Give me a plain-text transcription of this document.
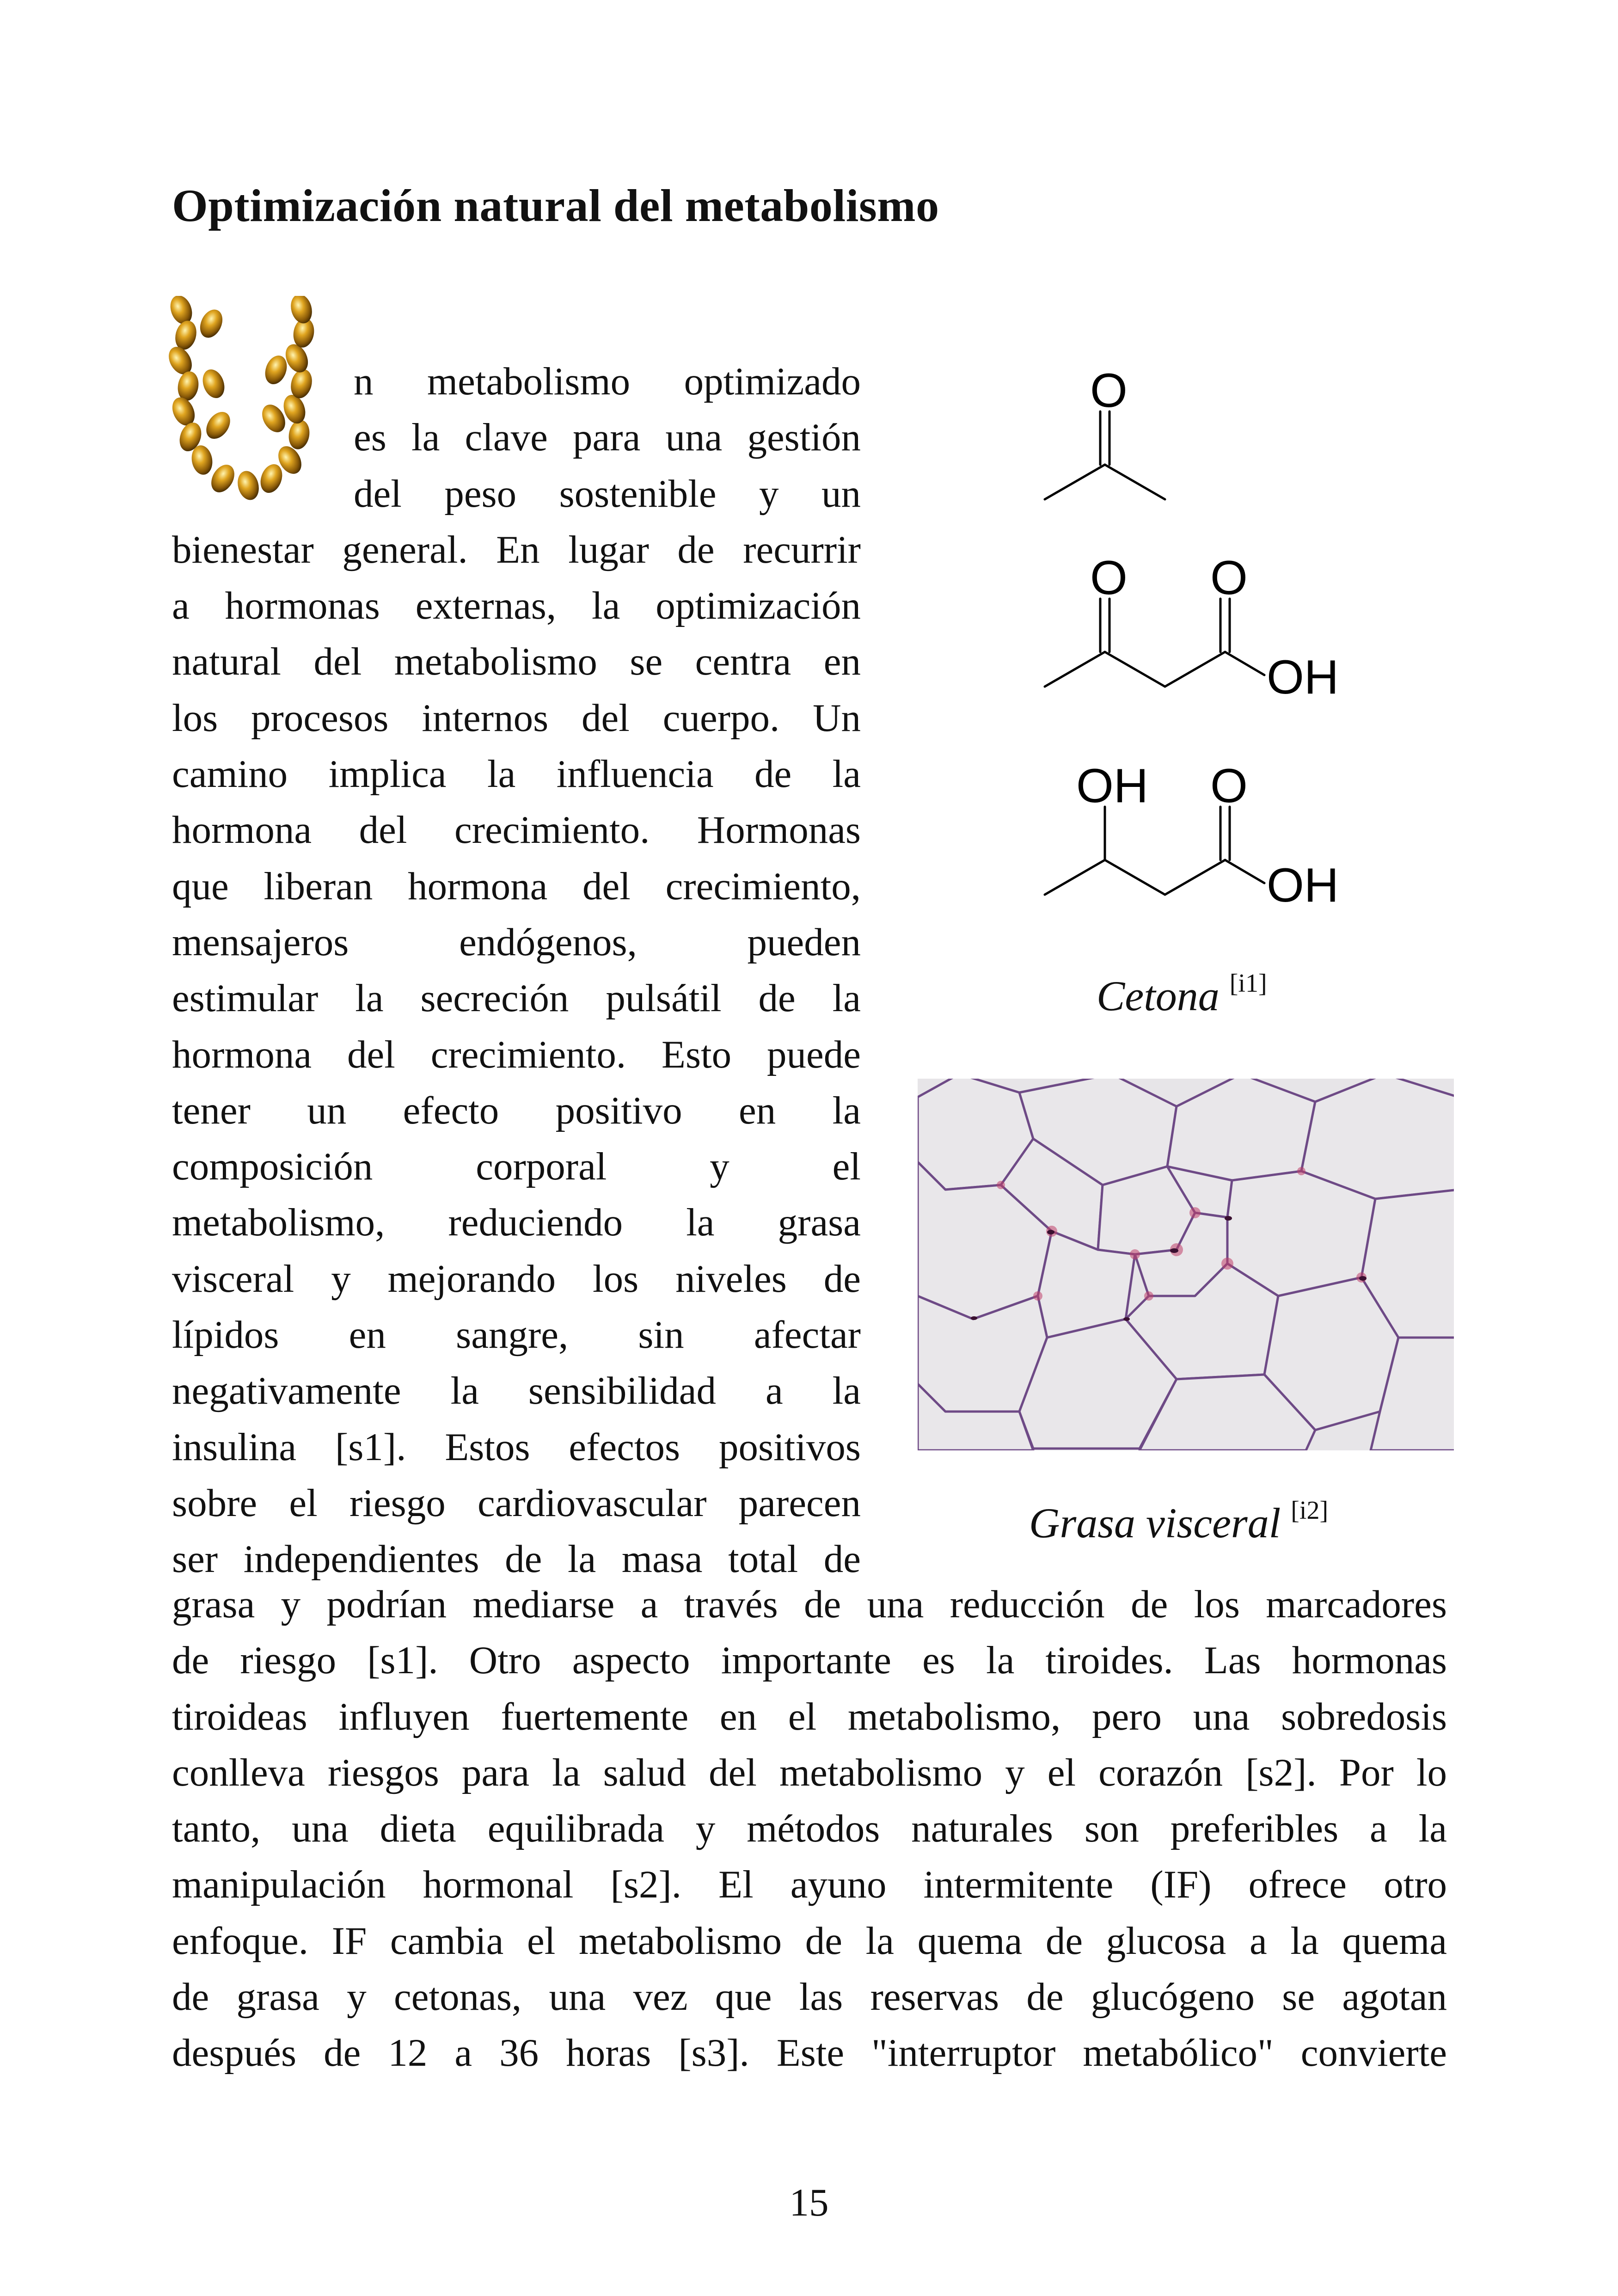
Optimización natural del metabolismo
n metabolismo optimizado
es la clave para una gestión
del peso sostenible y un
bienestar general. En lugar de recurrir
a hormonas externas, la optimización
natural del metabolismo se centra en
los procesos internos del cuerpo. Un
camino implica la influencia de la
hormona del crecimiento. Hormonas
que liberan hormona del crecimiento,
mensajeros endógenos, pueden
estimular la secreción pulsátil de la
hormona del crecimiento. Esto puede
tener un efecto positivo en la
composición corporal y el
metabolismo, reduciendo la grasa
visceral y mejorando los niveles de
lípidos en sangre, sin afectar
negativamente la sensibilidad a la
insulina [s1]. Estos efectos positivos
sobre el riesgo cardiovascular parecen
ser independientes de la masa total de
grasa y podrían mediarse a través de una reducción de los marcadores
de riesgo [s1]. Otro aspecto importante es la tiroides. Las hormonas
tiroideas influyen fuertemente en el metabolismo, pero una sobredosis
conlleva riesgos para la salud del metabolismo y el corazón [s2]. Por lo
tanto, una dieta equilibrada y métodos naturales son preferibles a la
manipulación hormonal [s2]. El ayuno intermitente (IF) ofrece otro
enfoque. IF cambia el metabolismo de la quema de glucosa a la quema
de grasa y cetonas, una vez que las reservas de glucógeno se agotan
después de 12 a 36 horas [s3]. Este "interruptor metabólico" convierte
O
O O
OH
OH O
OH
Cetona [i1]
Grasa visceral [i2]
15
